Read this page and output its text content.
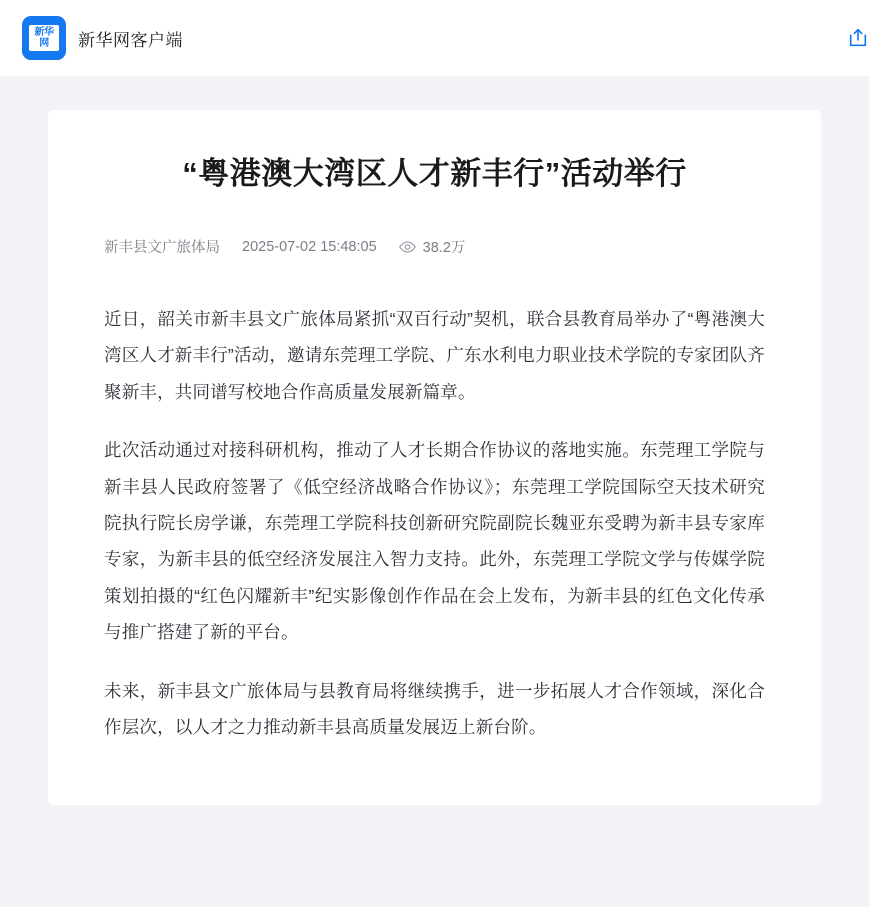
新华网	新华网客户端
“粤港澳大湾区人才新丰行”活动举行
新丰县文广旅体局 2025-07-02 15:48:05	38.2万

近日，韶关市新丰县文广旅体局紧抓“双百行动”契机，联合县教育局举办了“粤港澳大湾区人才新丰行”活动，邀请东莞理工学院、广东水利电力职业技术学院的专家团队齐聚新丰，共同谱写校地合作高质量发展新篇章。

此次活动通过对接科研机构，推动了人才长期合作协议的落地实施。东莞理工学院与新丰县人民政府签署了《低空经济战略合作协议》；东莞理工学院国际空天技术研究院执行院长房学谦，东莞理工学院科技创新研究院副院长魏亚东受聘为新丰县专家库专家，为新丰县的低空经济发展注入智力支持。此外，东莞理工学院文学与传媒学院策划拍摄的“红色闪耀新丰”纪实影像创作作品在会上发布，为新丰县的红色文化传承与推广搭建了新的平台。

未来，新丰县文广旅体局与县教育局将继续携手，进一步拓展人才合作领域，深化合作层次，以人才之力推动新丰县高质量发展迈上新台阶。
